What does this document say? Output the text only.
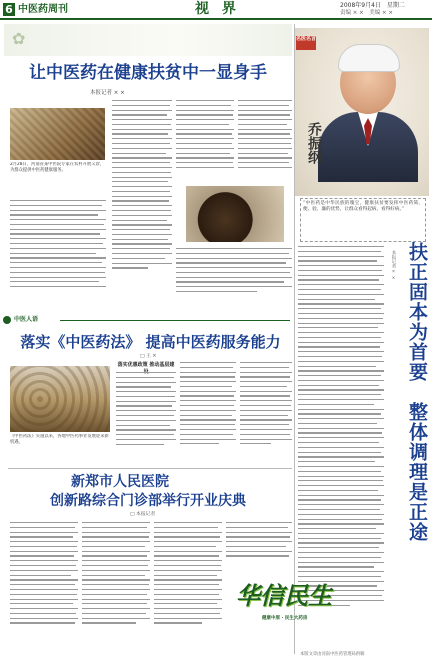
6 中医药周刊	视 界	2008年9月4日　星期二
责编 × ×　美编 × ×
✿
让中医药在健康扶贫中一显身手
本报记者 × ×
2月28日，河南省某中医院专家在农村开展义诊，为群众提供中医药健康服务。
名医名言
乔振纲
“中医药是中华民族的瑰宝，健康扶贫要发挥中医药简、便、验、廉的优势，让群众看得起病、看得好病。”
本报记者 × × 扶正固本为首要　整体调理是正途
中医人语
落实《中医药法》 提高中医药服务能力
□ 王 ×
《中医药法》实施以来，各地中医药事业发展迎来新机遇。
落实优惠政策 推动基层建
新郑市人民医院
创新路综合门诊部举行开业庆典
□ 本报记者
华信民生
健康中原 · 民生大药房
本版文章由河南中医药管理局供稿
